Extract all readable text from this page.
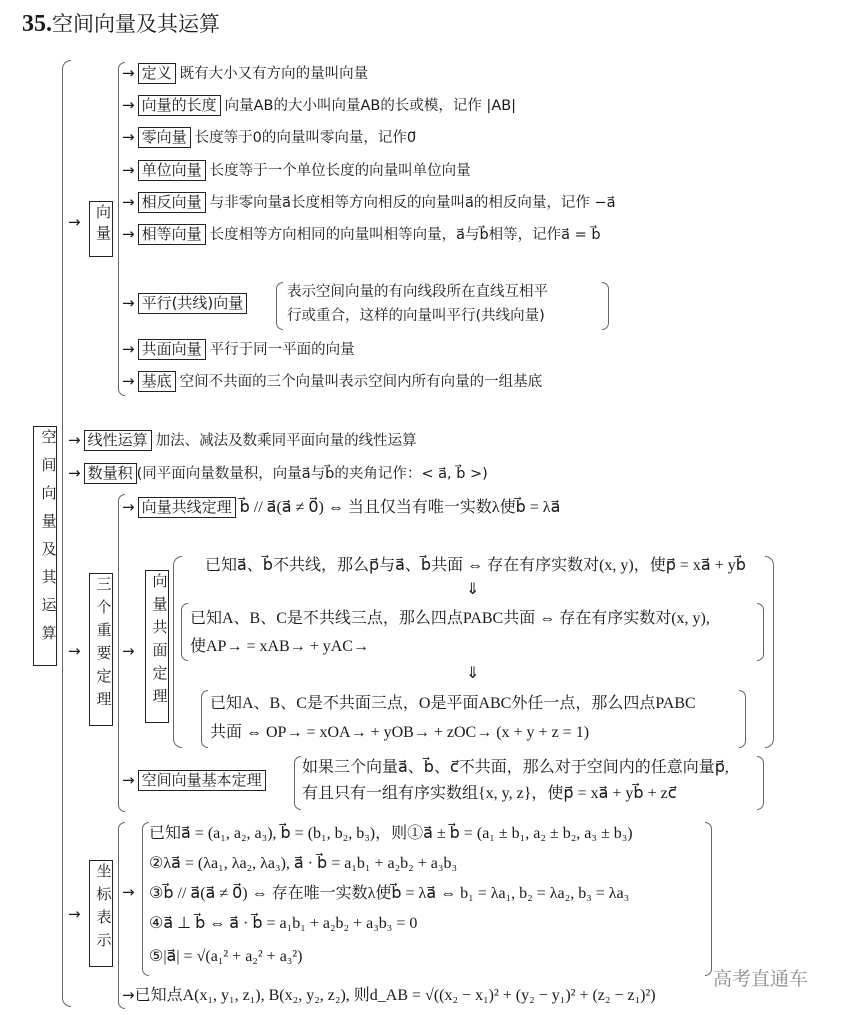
35.空间向量及其运算
空间向量及其运算
→ 向量
→ 定义 既有大小又有方向的量叫向量
→ 向量的长度 向量AB的大小叫向量AB的长或模，记作 |AB|
→ 零向量 长度等于0的向量叫零向量，记作0⃗
→ 单位向量 长度等于一个单位长度的向量叫单位向量
→ 相反向量 与非零向量a⃗长度相等方向相反的向量叫a⃗的相反向量，记作 −a⃗
→ 相等向量 长度相等方向相同的向量叫相等向量，a⃗与b⃗相等，记作a⃗ = b⃗
→ 平行(共线)向量
表示空间向量的有向线段所在直线互相平
行或重合，这样的向量叫平行(共线向量)
→ 共面向量 平行于同一平面的向量
→ 基底 空间不共面的三个向量叫表示空间内所有向量的一组基底
→ 线性运算 加法、减法及数乘同平面向量的线性运算
→ 数量积 (同平面向量数量积，向量a⃗与b⃗的夹角记作：< a⃗, b⃗ >)
→ 三个重要定理
→ 向量共线定理 b⃗ // a⃗(a⃗ ≠ 0⃗) ⇔ 当且仅当有唯一实数λ使b⃗ = λa⃗
→	向量共面定理
已知a⃗、b⃗不共线，那么p⃗与a⃗、b⃗共面 ⇔ 存在有序实数对(x, y)，使p⃗ = xa⃗ + yb⃗
⇓
已知A、B、C是不共线三点，那么四点PABC共面 ⇔ 存在有序实数对(x, y),
使AP→ = xAB→ + yAC→
⇓
已知A、B、C是不共面三点，O是平面ABC外任一点，那么四点PABC
共面 ⇔ OP→ = xOA→ + yOB→ + zOC→ (x + y + z = 1)
→ 空间向量基本定理
如果三个向量a⃗、b⃗、c⃗不共面，那么对于空间内的任意向量p⃗,
有且只有一组有序实数组{x, y, z}，使p⃗ = xa⃗ + yb⃗ + zc⃗
→ 坐标表示 →
已知a⃗ = (a₁, a₂, a₃), b⃗ = (b₁, b₂, b₃)，则①a⃗ ± b⃗ = (a₁ ± b₁, a₂ ± b₂, a₃ ± b₃)
②λa⃗ = (λa₁, λa₂, λa₃), a⃗ · b⃗ = a₁b₁ + a₂b₂ + a₃b₃
③b⃗ // a⃗(a⃗ ≠ 0⃗) ⇔ 存在唯一实数λ使b⃗ = λa⃗ ⇔ b₁ = λa₁, b₂ = λa₂, b₃ = λa₃
④a⃗ ⊥ b⃗ ⇔ a⃗ · b⃗ = a₁b₁ + a₂b₂ + a₃b₃ = 0
⑤|a⃗| = √(a₁² + a₂² + a₃²)
→已知点A(x₁, y₁, z₁), B(x₂, y₂, z₂), 则d_AB = √((x₂ − x₁)² + (y₂ − y₁)² + (z₂ − z₁)²)
高考直通车
